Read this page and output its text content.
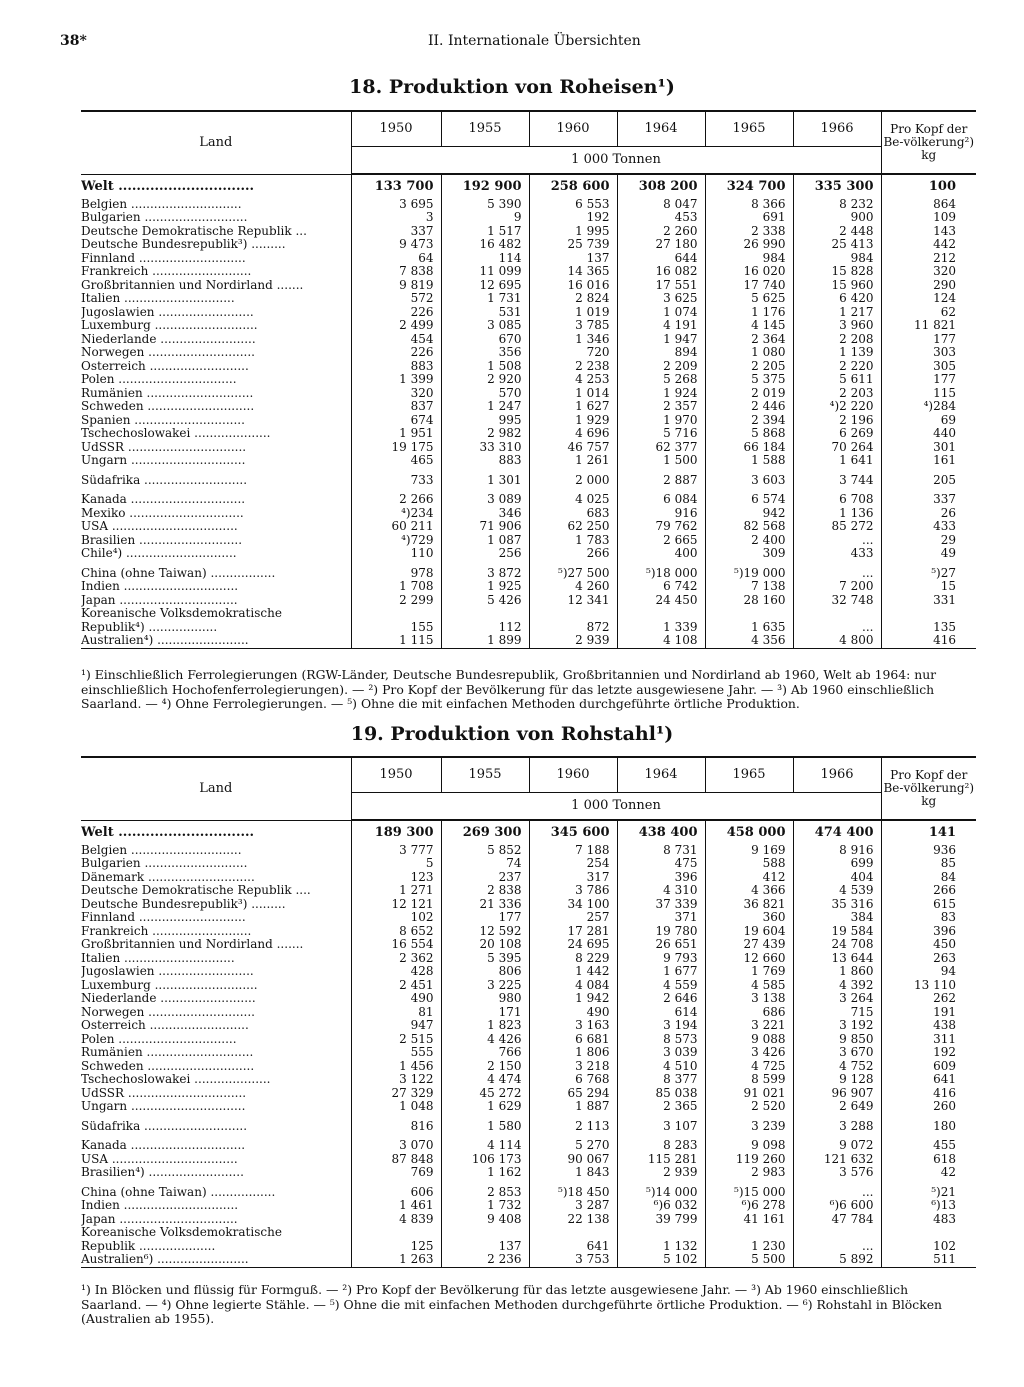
38*	II. Internationale Übersichten
18. Produktion von Roheisen¹)
Land	1950	1955	1960	1964	1965	1966	Pro Kopf der Be-völkerung²) kg
	1 000 Tonnen						
Welt ..............................	133 700	192 900	258 600	308 200	324 700	335 300	100
Belgien .............................	3 695	5 390	6 553	8 047	8 366	8 232	864
Bulgarien ...........................	3	9	192	453	691	900	109
Deutsche Demokratische Republik ...	337	1 517	1 995	2 260	2 338	2 448	143
Deutsche Bundesrepublik³) .........	9 473	16 482	25 739	27 180	26 990	25 413	442
Finnland ............................	64	114	137	644	984	984	212
Frankreich ..........................	7 838	11 099	14 365	16 082	16 020	15 828	320
Großbritannien und Nordirland .......	9 819	12 695	16 016	17 551	17 740	15 960	290
Italien .............................	572	1 731	2 824	3 625	5 625	6 420	124
Jugoslawien .........................	226	531	1 019	1 074	1 176	1 217	62
Luxemburg ...........................	2 499	3 085	3 785	4 191	4 145	3 960	11 821
Niederlande .........................	454	670	1 346	1 947	2 364	2 208	177
Norwegen ............................	226	356	720	894	1 080	1 139	303
Österreich ..........................	883	1 508	2 238	2 209	2 205	2 220	305
Polen ...............................	1 399	2 920	4 253	5 268	5 375	5 611	177
Rumänien ............................	320	570	1 014	1 924	2 019	2 203	115
Schweden ............................	837	1 247	1 627	2 357	2 446	⁴)2 220	⁴)284
Spanien .............................	674	995	1 929	1 970	2 394	2 196	69
Tschechoslowakei ....................	1 951	2 982	4 696	5 716	5 868	6 269	440
UdSSR ...............................	19 175	33 310	46 757	62 377	66 184	70 264	301
Ungarn ..............................	465	883	1 261	1 500	1 588	1 641	161
Südafrika ...........................	733	1 301	2 000	2 887	3 603	3 744	205
Kanada ..............................	2 266	3 089	4 025	6 084	6 574	6 708	337
Mexiko ..............................	⁴)234	346	683	916	942	1 136	26
USA .................................	60 211	71 906	62 250	79 762	82 568	85 272	433
Brasilien ...........................	⁴)729	1 087	1 783	2 665	2 400	...	29
Chile⁴) .............................	110	256	266	400	309	433	49
China (ohne Taiwan) .................	978	3 872	⁵)27 500	⁵)18 000	⁵)19 000	...	⁵)27
Indien ..............................	1 708	1 925	4 260	6 742	7 138	7 200	15
Japan ...............................	2 299	5 426	12 341	24 450	28 160	32 748	331
Koreanische Volksdemokratische
Republik⁴) ..................	155	112	872	1 339	1 635	...	135
Australien⁴) ........................	1 115	1 899	2 939	4 108	4 356	4 800	416
¹) Einschließlich Ferrolegierungen (RGW-Länder, Deutsche Bundesrepublik, Großbritannien und Nordirland ab 1960, Welt ab 1964: nur einschließlich Hochofenferrolegierungen). — ²) Pro Kopf der Bevölkerung für das letzte ausgewiesene Jahr. — ³) Ab 1960 einschließlich Saarland. — ⁴) Ohne Ferrolegierungen. — ⁵) Ohne die mit einfachen Methoden durchgeführte örtliche Produktion.
19. Produktion von Rohstahl¹)
Land	1950	1955	1960	1964	1965	1966	Pro Kopf der Be-völkerung²) kg
	1 000 Tonnen						
Welt ..............................	189 300	269 300	345 600	438 400	458 000	474 400	141
Belgien .............................	3 777	5 852	7 188	8 731	9 169	8 916	936
Bulgarien ...........................	5	74	254	475	588	699	85
Dänemark ............................	123	237	317	396	412	404	84
Deutsche Demokratische Republik ....	1 271	2 838	3 786	4 310	4 366	4 539	266
Deutsche Bundesrepublik³) .........	12 121	21 336	34 100	37 339	36 821	35 316	615
Finnland ............................	102	177	257	371	360	384	83
Frankreich ..........................	8 652	12 592	17 281	19 780	19 604	19 584	396
Großbritannien und Nordirland .......	16 554	20 108	24 695	26 651	27 439	24 708	450
Italien .............................	2 362	5 395	8 229	9 793	12 660	13 644	263
Jugoslawien .........................	428	806	1 442	1 677	1 769	1 860	94
Luxemburg ...........................	2 451	3 225	4 084	4 559	4 585	4 392	13 110
Niederlande .........................	490	980	1 942	2 646	3 138	3 264	262
Norwegen ............................	81	171	490	614	686	715	191
Österreich ..........................	947	1 823	3 163	3 194	3 221	3 192	438
Polen ...............................	2 515	4 426	6 681	8 573	9 088	9 850	311
Rumänien ............................	555	766	1 806	3 039	3 426	3 670	192
Schweden ............................	1 456	2 150	3 218	4 510	4 725	4 752	609
Tschechoslowakei ....................	3 122	4 474	6 768	8 377	8 599	9 128	641
UdSSR ...............................	27 329	45 272	65 294	85 038	91 021	96 907	416
Ungarn ..............................	1 048	1 629	1 887	2 365	2 520	2 649	260
Südafrika ...........................	816	1 580	2 113	3 107	3 239	3 288	180
Kanada ..............................	3 070	4 114	5 270	8 283	9 098	9 072	455
USA .................................	87 848	106 173	90 067	115 281	119 260	121 632	618
Brasilien⁴) .........................	769	1 162	1 843	2 939	2 983	3 576	42
China (ohne Taiwan) .................	606	2 853	⁵)18 450	⁵)14 000	⁵)15 000	...	⁵)21
Indien ..............................	1 461	1 732	3 287	⁶)6 032	⁶)6 278	⁶)6 600	⁶)13
Japan ...............................	4 839	9 408	22 138	39 799	41 161	47 784	483
Koreanische Volksdemokratische
Republik ....................	125	137	641	1 132	1 230	...	102
Australien⁶) ........................	1 263	2 236	3 753	5 102	5 500	5 892	511
¹) In Blöcken und flüssig für Formguß. — ²) Pro Kopf der Bevölkerung für das letzte ausgewiesene Jahr. — ³) Ab 1960 einschließlich Saarland. — ⁴) Ohne legierte Stähle. — ⁵) Ohne die mit einfachen Methoden durchgeführte örtliche Produktion. — ⁶) Rohstahl in Blöcken (Australien ab 1955).
